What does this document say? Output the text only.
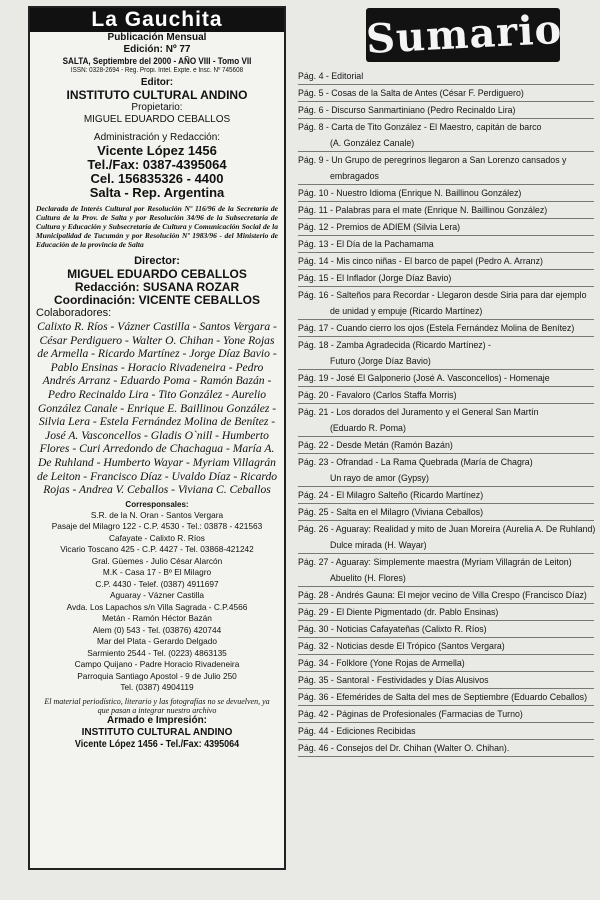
La Gauchita
Publicación Mensual
Edición: Nº 77
SALTA, Septiembre del 2000 - AÑO VIII - Tomo VII
ISSN: 0328-2694 - Reg. Propi. Intel. Expte. e Insc. Nº 745608
Editor:
INSTITUTO CULTURAL ANDINO
Propietario:
MIGUEL EDUARDO CEBALLOS
Administración y Redacción:
Vicente López 1456
Tel./Fax: 0387-4395064
Cel. 156835326 - 4400
Salta - Rep. Argentina
Declarada de Interés Cultural por Resolución Nº 116/96 de la Secretaría de Cultura de la Prov. de Salta y por Resolución 34/96 de la Subsecretaría de Cultura y Educación y Subsecretaría de Cultura y Comunicación Social de la Municipalidad de Tucumán y por Resolución Nº 1983/96 - del Ministerio de Educación de la provincia de Salta
Director:
MIGUEL EDUARDO CEBALLOS
Redacción: SUSANA ROZAR
Coordinación: VICENTE CEBALLOS
Colaboradores:
Calixto R. Ríos - Vázner Castilla - Santos Vergara - César Perdiguero - Walter O. Chihan - Yone Rojas de Armella - Ricardo Martínez - Jorge Díaz Bavio - Pablo Ensinas - Horacio Rivadeneira - Pedro Andrés Arranz - Eduardo Poma - Ramón Bazán - Pedro Recinaldo Lira - Tito González - Aurelio González Canale - Enrique E. Baillinou González - Silvia Lera - Estela Fernández Molina de Benítez - José A. Vasconcellos - Gladis O`nill - Humberto Flores - Curi Arredondo de Chachagua - María A. De Ruhland - Humberto Wayar - Myriam Villagrán de Leiton - Francisco Díaz - Uvaldo Díaz - Ricardo Rojas - Andrea V. Ceballos - Viviana C. Ceballos
Corresponsales:
S.R. de la N. Oran - Santos Vergara
Pasaje del Milagro 122 - C.P. 4530 - Tel.: 03878 - 421563
Cafayate - Calixto R. Ríos
Vicario Toscano 425 - C.P. 4427 - Tel. 03868-421242
Gral. Güemes - Julio César Alarcón
M.K - Casa 17 - Bº El Milagro
C.P. 4430 - Telef. (0387) 4911697
Aguaray - Vázner Castilla
Avda. Los Lapachos s/n Villa Sagrada - C.P.4566
Metán - Ramón Héctor Bazán
Alem (0) 543 - Tel. (03876) 420744
Mar del Plata - Gerardo Delgado
Sarmiento 2544 - Tel. (0223) 4863135
Campo Quijano - Padre Horacio Rivadeneira
Parroquia Santiago Apostol - 9 de Julio 250
Tel. (0387) 4904119
El material periodístico, literario y las fotografías no se devuelven, ya que pasan a integrar nuestro archivo
Armado e Impresión:
INSTITUTO CULTURAL ANDINO
Vicente López 1456 - Tel./Fax: 4395064
Sumario
Pág. 4 - Editorial
Pág. 5 - Cosas de la Salta de Antes (César F. Perdiguero)
Pág. 6 - Discurso Sanmartiniano (Pedro Recinaldo Lira)
Pág. 8 - Carta de Tito González - El Maestro, capitán de barco
(A. González Canale)
Pág. 9 - Un Grupo de peregrinos llegaron a San Lorenzo cansados y
embragados
Pág. 10 - Nuestro Idioma (Enrique N. Baillinou González)
Pág. 11 - Palabras para el mate (Enrique N. Baillinou González)
Pág. 12 - Premios de ADIEM (Silvia Lera)
Pág. 13 - El Día de la Pachamama
Pág. 14 - Mis cinco niñas - El barco de papel (Pedro A. Arranz)
Pág. 15 - El Inflador (Jorge Díaz Bavio)
Pág. 16 - Salteños para Recordar - Llegaron desde Siria para dar ejemplo
de unidad y empuje (Ricardo Martínez)
Pág. 17 - Cuando cierro los ojos (Estela Fernández Molina de Benítez)
Pág. 18 - Zamba Agradecida (Ricardo Martínez) -
Futuro (Jorge Díaz Bavio)
Pág. 19 - José El Galponerio (José A. Vasconcellos) - Homenaje
Pág. 20 - Favaloro (Carlos Staffa Morris)
Pág. 21 - Los dorados del Juramento y el General San Martín
(Eduardo R. Poma)
Pág. 22 - Desde Metán (Ramón Bazán)
Pág. 23 - Ofrandad - La Rama Quebrada (María de Chagra)
Un rayo de amor (Gypsy)
Pág. 24 - El Milagro Salteño (Ricardo Martínez)
Pág. 25 - Salta en el Milagro (Viviana Ceballos)
Pág. 26 - Aguaray: Realidad y mito de Juan Moreira (Aurelia A. De Ruhland)
Dulce mirada (H. Wayar)
Pág. 27 - Aguaray: Simplemente maestra (Myriam Villagrán de Leiton)
Abuelito (H. Flores)
Pág. 28 - Andrés Gauna: El mejor vecino de Villa Crespo (Francisco Díaz)
Pág. 29 - El Diente Pigmentado (dr. Pablo Ensinas)
Pág. 30 - Noticias Cafayateñas (Calixto R. Ríos)
Pág. 32 - Noticias desde El Trópico (Santos Vergara)
Pág. 34 - Folklore (Yone Rojas de Armella)
Pág. 35 - Santoral - Festividades y Días Alusivos
Pág. 36 - Efemérides de Salta del mes de Septiembre (Eduardo Ceballos)
Pág. 42 - Páginas de Profesionales (Farmacias de Turno)
Pág. 44 - Ediciones Recibidas
Pág. 46 - Consejos del Dr. Chihan (Walter O. Chihan).
